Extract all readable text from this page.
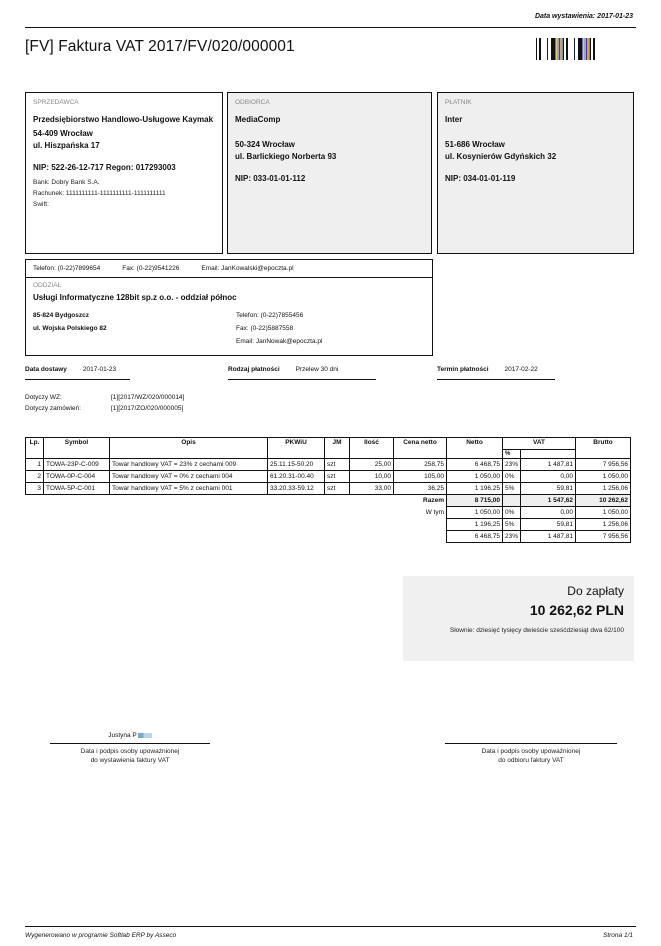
Data wystawienia: 2017-01-23
[FV] Faktura VAT 2017/FV/020/000001
SPRZEDAWCA
Przedsiębiorstwo Handlowo-Usługowe Kaymak
54-409 Wrocław
ul. Hiszpańska 17
NIP: 522-26-12-717 Regon: 017293003
Bank: Dobry Bank S.A.
Rachunek: 1111111111-1111111111-1111111111
Swift:
ODBIORCA
MediaComp
50-324 Wrocław
ul. Barlickiego Norberta 93
NIP: 033-01-01-112
PŁATNIK
Inter
51-686 Wrocław
ul. Kosynierów Gdyńskich 32
NIP: 034-01-01-119
Telefon: (0-22)7899654	Fax: (0-22)9541226	Email: JanKowalski@epoczta.pl
ODDZIAŁ
Usługi Informatyczne 128bit sp.z o.o. - oddział północ
85-824 Bydgoszcz
ul. Wojska Polskiego 82
Telefon: (0-22)7855456
Fax: (0-22)5887558
Email: JanNowak@epoczta.pl
Data dostawy 2017-01-23	Rodzaj płatności Przelew 30 dni	Termin płatności 2017-02-22
Dotyczy WZ:	[1][2017/WZ/020/000014]
Dotyczy zamówień:	[1][2017/ZO/020/000005]
Lp.	Symbol	Opis	PKWiU	JM	Ilość	Cena netto	Netto	VAT		Brutto
								%		
1	TOWA-23P-C-009	Towar handlowy VAT = 23% z cechami 009	25.11.15-50.20	szt	25,00	258,75	6 468,75	23%	1 487,81	7 956,56
2	TOWA-0P-C-004	Towar handlowy VAT = 0% z cechami 004	61.20.31-00.40	szt	10,00	105,00	1 050,00	0%	0,00	1 050,00
3	TOWA-5P-C-001	Towar handlowy VAT = 5% z cechami 001	33.20.33-59.12	szt	33,00	36,25	1 196,25	5%	59,81	1 256,06
						Razem	8 715,00		1 547,62	10 262,62
						W tym	1 050,00	0%	0,00	1 050,00
							1 196,25	5%	59,81	1 256,06
							6 468,75	23%	1 487,81	7 956,56
Do zapłaty
10 262,62 PLN
Słownie: dziesięć tysięcy dwieście sześćdziesiąt dwa 62/100
Justyna P
Data i podpis osoby upoważnionej
do wystawienia faktury VAT
Data i podpis osoby upoważnionej
do odbioru faktury VAT
Wygenerowano w programie Softlab ERP by Asseco	Strona 1/1
